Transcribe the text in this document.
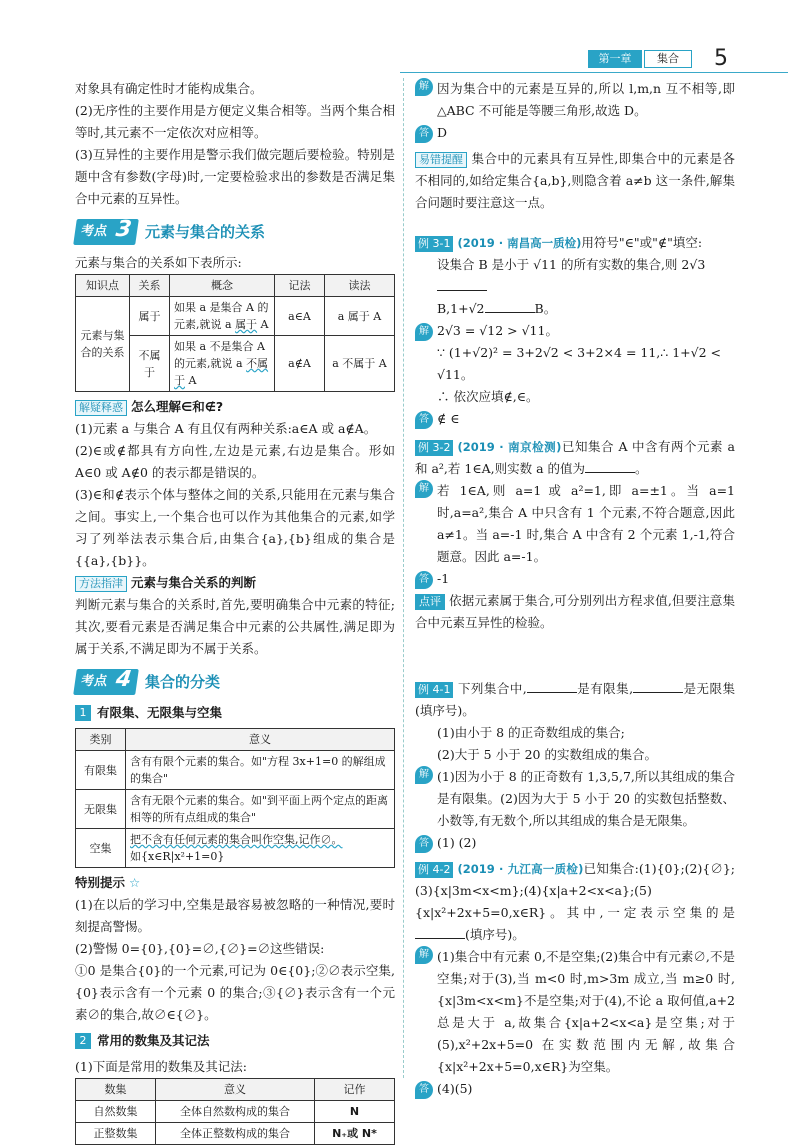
第一章	集合	5

对象具有确定性时才能构成集合。

(2)无序性的主要作用是方便定义集合相等。当两个集合相等时,其元素不一定依次对应相等。

(3)互异性的主要作用是警示我们做完题后要检验。特别是题中含有参数(字母)时,一定要检验求出的参数是否满足集合中元素的互异性。

考点 3 元素与集合的关系

元素与集合的关系如下表所示:

知识点	关系	概念	记法	读法
元素与集合的关系	属于	如果 a 是集合 A 的元素,就说 a 属于 A	a∈A	a 属于 A
	不属于	如果 a 不是集合 A 的元素,就说 a 不属于 A	a∉A	a 不属于 A

解疑释惑 怎么理解∈和∉?

(1)元素 a 与集合 A 有且仅有两种关系:a∈A 或 a∉A。

(2)∈或∉都具有方向性,左边是元素,右边是集合。形如 A∈0 或 A∉0 的表示都是错误的。

(3)∈和∉表示个体与整体之间的关系,只能用在元素与集合之间。事实上,一个集合也可以作为其他集合的元素,如学习了列举法表示集合后,由集合{a},{b}组成的集合是{{a},{b}}。

方法指津 元素与集合关系的判断

判断元素与集合的关系时,首先,要明确集合中元素的特征;其次,要看元素是否满足集合中元素的公共属性,满足即为属于关系,不满足即为不属于关系。

考点 4 集合的分类
1 有限集、无限集与空集
类别	意义
有限集	含有有限个元素的集合。如"方程 3x+1=0 的解组成的集合"
无限集	含有无限个元素的集合。如"到平面上两个定点的距离相等的所有点组成的集合"
空集	把不含有任何元素的集合叫作空集,记作∅。
如{x∈R|x²+1=0}

特别提示 ☆

(1)在以后的学习中,空集是最容易被忽略的一种情况,要时刻提高警惕。

(2)警惕 0={0},{0}=∅,{∅}=∅这些错误:

①0 是集合{0}的一个元素,可记为 0∈{0};②∅表示空集,{0}表示含有一个元素 0 的集合;③{∅}表示含有一个元素∅的集合,故∅∈{∅}。

2 常用的数集及其记法

(1)下面是常用的数集及其记法:

数集	意义	记作
自然数集	全体自然数构成的集合	N
正整数集	全体正整数构成的集合	N₊或 N*
解 因为集合中的元素是互异的,所以 l,m,n 互不相等,即△ABC 不可能是等腰三角形,故选 D。

答 D

易错提醒 集合中的元素具有互异性,即集合中的元素是各不相同的,如给定集合{a,b},则隐含着 a≠b 这一条件,解集合问题时要注意这一点。

例 3-1 (2019 · 南昌高一质检)用符号"∈"或"∉"填空:

设集合 B 是小于 √11 的所有实数的集合,则 2√3

B,1+√2	B。

解 2√3 = √12 > √11。

∵ (1+√2)² = 3+2√2 < 3+2×4 = 11,∴ 1+√2 < √11。

∴ 依次应填∉,∈。

答 ∉ ∈

例 3-2 (2019 · 南京检测)已知集合 A 中含有两个元素 a 和 a²,若 1∈A,则实数 a 的值为	。

解 若 1∈A,则 a=1 或 a²=1,即 a=±1。当 a=1 时,a=a²,集合 A 中只含有 1 个元素,不符合题意,因此 a≠1。当 a=-1 时,集合 A 中含有 2 个元素 1,-1,符合题意。因此 a=-1。

答 -1

点评 依据元素属于集合,可分别列出方程求值,但要注意集合中元素互异性的检验。

例 4-1 下列集合中,	是有限集,	是无限集(填序号)。

(1)由小于 8 的正奇数组成的集合;

(2)大于 5 小于 20 的实数组成的集合。

解 (1)因为小于 8 的正奇数有 1,3,5,7,所以其组成的集合是有限集。(2)因为大于 5 小于 20 的实数包括整数、小数等,有无数个,所以其组成的集合是无限集。

答 (1) (2)

例 4-2 (2019 · 九江高一质检)已知集合:(1){0};(2){∅};(3){x|3m<x<m};(4){x|a+2<x<a};(5){x|x²+2x+5=0,x∈R}。其中,一定表示空集的是(填序号)。

解 (1)集合中有元素 0,不是空集;(2)集合中有元素∅,不是空集;对于(3),当 m<0 时,m>3m 成立,当 m≥0 时,{x|3m<x<m}不是空集;对于(4),不论 a 取何值,a+2 总是大于 a,故集合{x|a+2<x<a}是空集;对于(5),x²+2x+5=0 在实数范围内无解,故集合{x|x²+2x+5=0,x∈R}为空集。

答 (4)(5)
